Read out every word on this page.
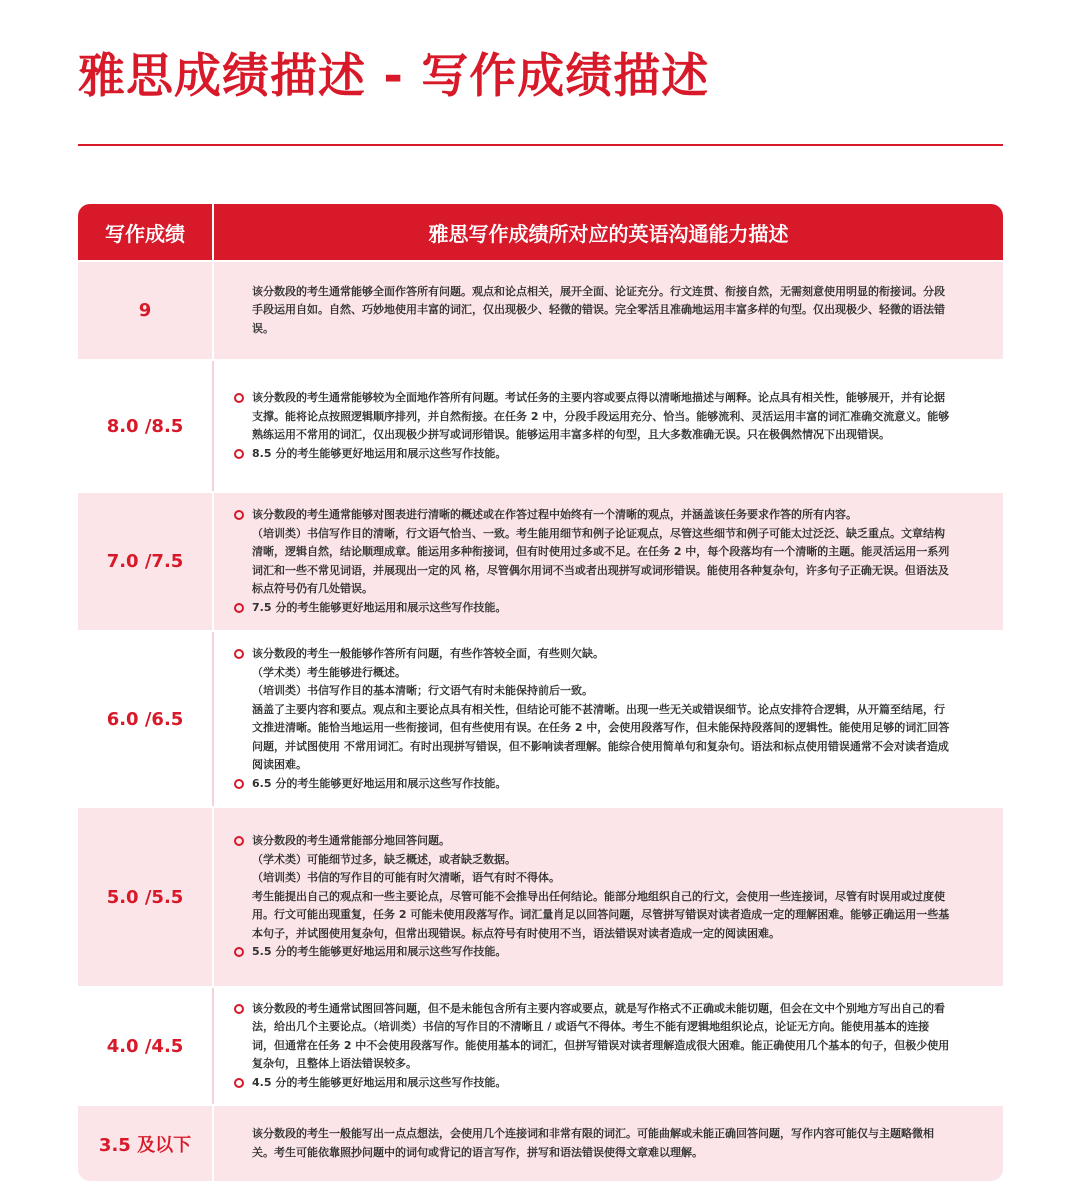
雅思成绩描述 - 写作成绩描述
写作成绩	雅思写作成绩所对应的英语沟通能力描述
9
该分数段的考生通常能够全面作答所有问题。观点和论点相关，展开全面、论证充分。行文连贯、衔接自然，无需刻意使用明显的衔接词。分段手段运用自如。自然、巧妙地使用丰富的词汇，仅出现极少、轻微的错误。完全零活且准确地运用丰富多样的句型。仅出现极少、轻微的语法错误。
8.0 /8.5
该分数段的考生通常能够较为全面地作答所有问题。考试任务的主要内容或要点得以清晰地描述与阐释。论点具有相关性，能够展开，并有论据支撑。能将论点按照逻辑顺序排列，并自然衔接。在任务 2 中，分段手段运用充分、恰当。能够流利、灵活运用丰富的词汇准确交流意义。能够熟练运用不常用的词汇，仅出现极少拼写或词形错误。能够运用丰富多样的句型，且大多数准确无误。只在极偶然情况下出现错误。
8.5 分的考生能够更好地运用和展示这些写作技能。
7.0 /7.5
该分数段的考生通常能够对图表进行清晰的概述或在作答过程中始终有一个清晰的观点，并涵盖该任务要求作答的所有内容。
（培训类）书信写作目的清晰，行文语气恰当、一致。考生能用细节和例子论证观点，尽管这些细节和例子可能太过泛泛、缺乏重点。文章结构清晰，逻辑自然，结论顺理成章。能运用多种衔接词，但有时使用过多或不足。在任务 2 中，每个段落均有一个清晰的主题。能灵活运用一系列词汇和一些不常见词语，并展现出一定的风 格，尽管偶尔用词不当或者出现拼写或词形错误。能使用各种复杂句，许多句子正确无误。但语法及标点符号仍有几处错误。
7.5 分的考生能够更好地运用和展示这些写作技能。
6.0 /6.5
该分数段的考生一般能够作答所有问题，有些作答较全面，有些则欠缺。
（学术类）考生能够进行概述。
（培训类）书信写作目的基本清晰；行文语气有时未能保持前后一致。
涵盖了主要内容和要点。观点和主要论点具有相关性，但结论可能不甚清晰。出现一些无关或错误细节。论点安排符合逻辑，从开篇至结尾，行文推进清晰。能恰当地运用一些衔接词，但有些使用有误。在任务 2 中，会使用段落写作，但未能保持段落间的逻辑性。能使用足够的词汇回答问题，并试图使用 不常用词汇。有时出现拼写错误，但不影响读者理解。能综合使用简单句和复杂句。语法和标点使用错误通常不会对读者造成阅读困难。
6.5 分的考生能够更好地运用和展示这些写作技能。
5.0 /5.5
该分数段的考生通常能部分地回答问题。
（学术类）可能细节过多，缺乏概述，或者缺乏数据。
（培训类）书信的写作目的可能有时欠清晰，语气有时不得体。
考生能提出自己的观点和一些主要论点，尽管可能不会推导出任何结论。能部分地组织自己的行文，会使用一些连接词，尽管有时误用或过度使用。行文可能出现重复，任务 2 可能未使用段落写作。词汇量肖足以回答问题，尽管拼写错误对读者造成一定的理解困难。能够正确运用一些基本句子，并试图使用复杂句，但常出现错误。标点符号有时使用不当，语法错误对读者造成一定的阅读困难。
5.5 分的考生能够更好地运用和展示这些写作技能。
4.0 /4.5
该分数段的考生通常试图回答问题，但不是未能包含所有主要内容或要点，就是写作格式不正确或未能切题，但会在文中个别地方写出自己的看法，给出几个主要论点。（培训类）书信的写作目的不清晰且 / 或语气不得体。考生不能有逻辑地组织论点，论证无方向。能使用基本的连接词，但通常在任务 2 中不会使用段落写作。能使用基本的词汇，但拼写错误对读者理解造成很大困难。能正确使用几个基本的句子，但极少使用复杂句，且整体上语法错误较多。
4.5 分的考生能够更好地运用和展示这些写作技能。
3.5 及以下
该分数段的考生一般能写出一点点想法，会使用几个连接词和非常有限的词汇。可能曲解或未能正确回答问题，写作内容可能仅与主题略微相关。考生可能依靠照抄问题中的词句或背记的语言写作，拼写和语法错误使得文章难以理解。
